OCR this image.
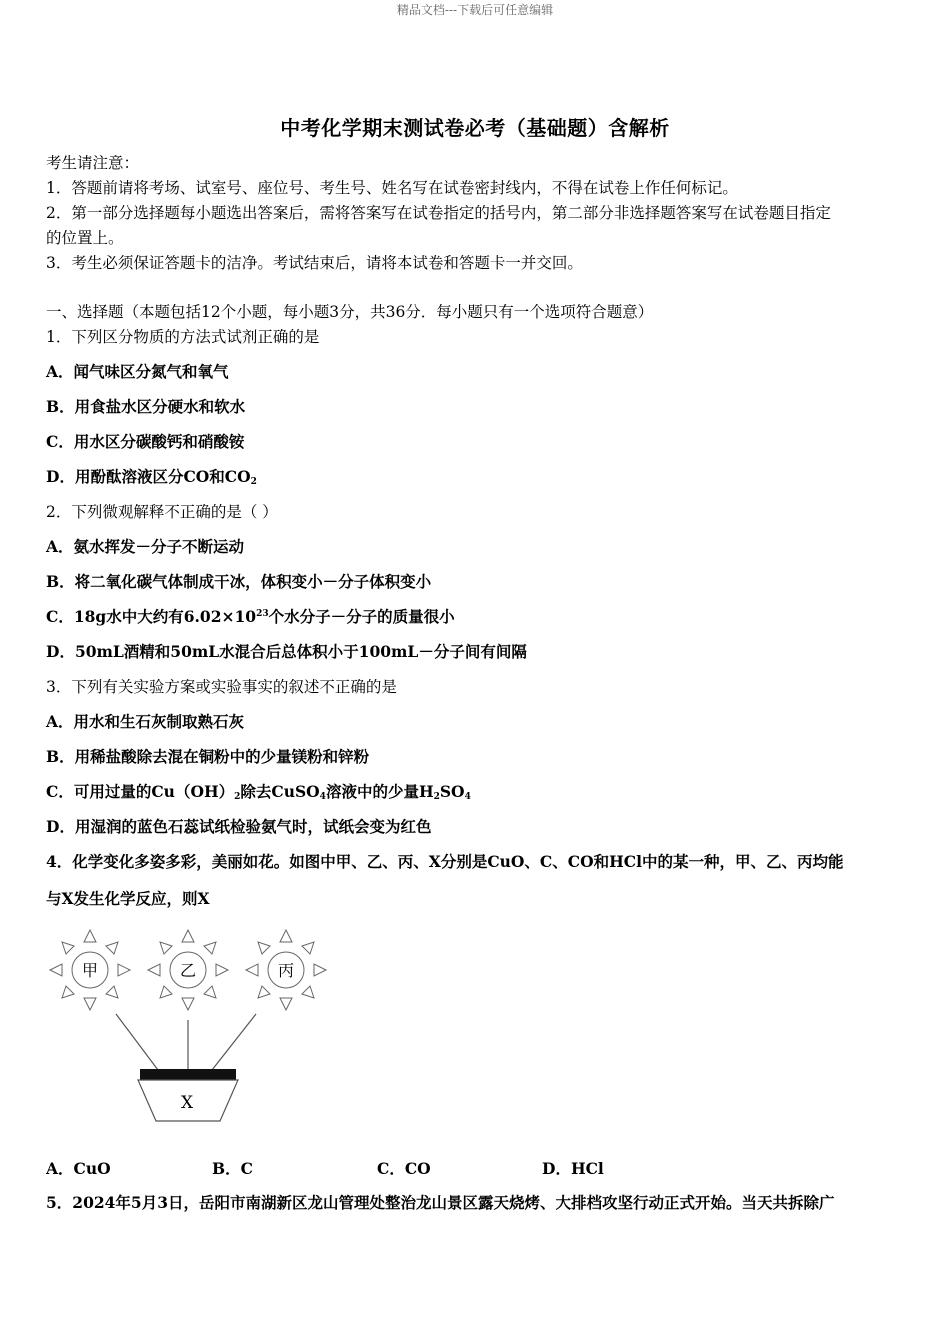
精品文档---下载后可任意编辑
中考化学期末测试卷必考（基础题）含解析
考生请注意：
1．答题前请将考场、试室号、座位号、考生号、姓名写在试卷密封线内，不得在试卷上作任何标记。
2．第一部分选择题每小题选出答案后，需将答案写在试卷指定的括号内，第二部分非选择题答案写在试卷题目指定
的位置上。
3．考生必须保证答题卡的洁净。考试结束后，请将本试卷和答题卡一并交回。
一、选择题（本题包括12个小题，每小题3分，共36分．每小题只有一个选项符合题意）
1．下列区分物质的方法式试剂正确的是
A．闻气味区分氮气和氧气
B．用食盐水区分硬水和软水
C．用水区分碳酸钙和硝酸铵
D．用酚酞溶液区分CO和$CO_2$
2．下列微观解释不正确的是（ ）
A．氨水挥发－分子不断运动
B．将二氧化碳气体制成干冰，体积变小－分子体积变小
C．18g水中大约有$6.02\times 10^{23}$个水分子－分子的质量很小
D．50mL酒精和50mL水混合后总体积小于100mL－分子间有间隔
3．下列有关实验方案或实验事实的叙述不正确的是
A．用水和生石灰制取熟石灰
B．用稀盐酸除去混在铜粉中的少量镁粉和锌粉
C．可用过量的$Cu(OH)_2$除去CuSO$_4$溶液中的少量$H_2SO_4$
D．用湿润的蓝色石蕊试纸检验氨气时，试纸会变为红色
4．化学变化多姿多彩，美丽如花。如图中甲、乙、丙、X分别是CuO、C、CO和HCl中的某一种，甲、乙、丙均能
与X发生化学反应，则X
甲	乙	丙
X
A．CuO	B．C	C．CO	D．HCl
5．2024年5月3日，岳阳市南湖新区龙山管理处整治龙山景区露天烧烤、大排档攻坚行动正式开始。当天共拆除广
